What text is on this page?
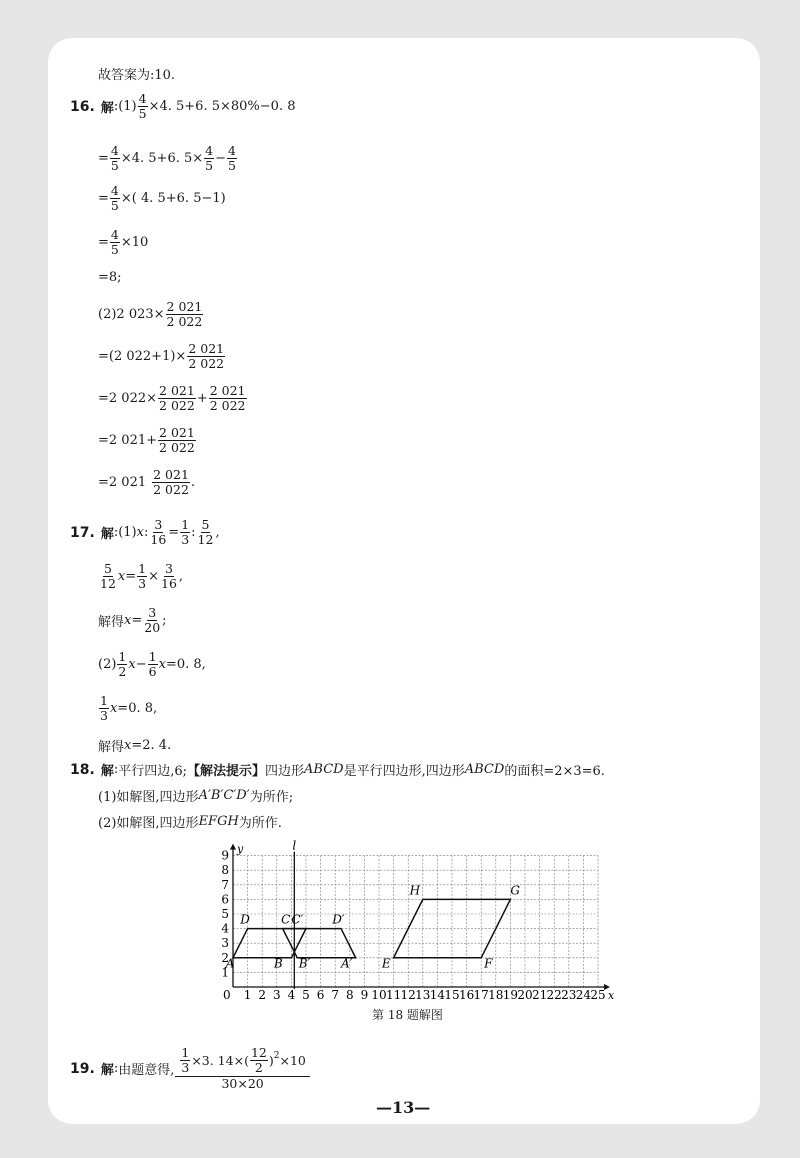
故答案为:10.
16. 解 : $(1) \frac{4}{5} \times 4$. 5+6. 5×80%−0. 8
= $\frac{4}{5} \times 4$. 5+6. $5\times \frac{4}{5} - \frac{4}{5}$
= $\frac{4}{5}$ ×( 4. 5+6. 5−1)
= $\frac{4}{5} \times 10$
=8;
(2)2 $023\times \frac{2 021}{2 022}$
=(2 $022+1)\times \frac{2 021}{2 022}$
=2 $022\times \frac{2 021}{2 022} + \frac{2 021}{2 022}$
=2 $021+ \frac{2 021}{2 022}$
=2 021
2 021
2 022 .
17. 解 : (1) x : $\frac{3}{16} = \frac{1}{3}$ :
5
12 ,
5
12 $x = \frac{1}{3} \times \frac{3}{16}$ ,
解得 $x = \frac{3}{20}$ ;
(2)
1
2 $x - \frac{1}{6}$ x =0. 8,
1
3 x =0. 8,
解得 x =2. 4.
18. 解 : 平行四边,6; 【解法提示】 四边形 ABCD 是平行四边形,四边形 ABCD 的面积=2×3=6.
(1)如解图,四边形 A′B′C′D′ 为所作;
(2)如解图,四边形 EFGH 为所作.
x
y
0 1 2 3 4 5 6 7 8 9 10 11 12 13 14 15 16 17 18 19 20 21 22 23 24 25
1
2
3
4
5
6
7
8
9
l
A	B
C
D
B′	A′
C′ D′
E	F
G
H
第 18 题解图
19. 解 : 由题意得, $\frac{1}{3} \times 3$. 14×(
12
2
)$^2$ ×10
30×20
—13—
